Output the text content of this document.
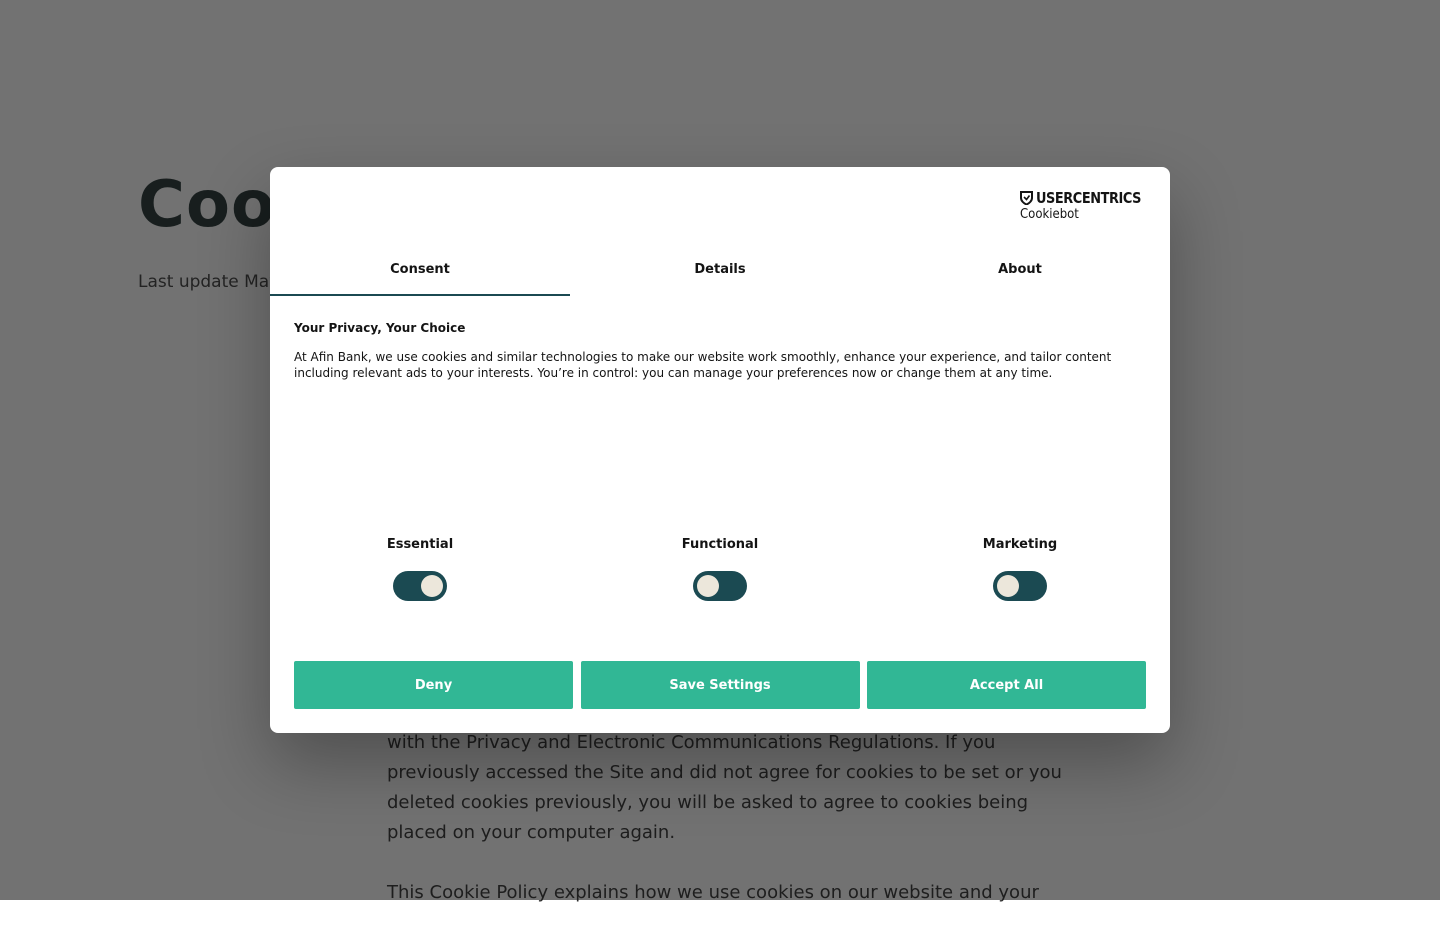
USERCENTRICS
Cookiebot
Consent	Details	About
Your Privacy, Your Choice
At Afin Bank, we use cookies and similar technologies to make our website work smoothly, enhance your experience, and tailor content including relevant ads to your interests. You’re in control: you can manage your preferences now or change them at any time.
Essential	Functional	Marketing
Deny	Save Settings	Accept All
